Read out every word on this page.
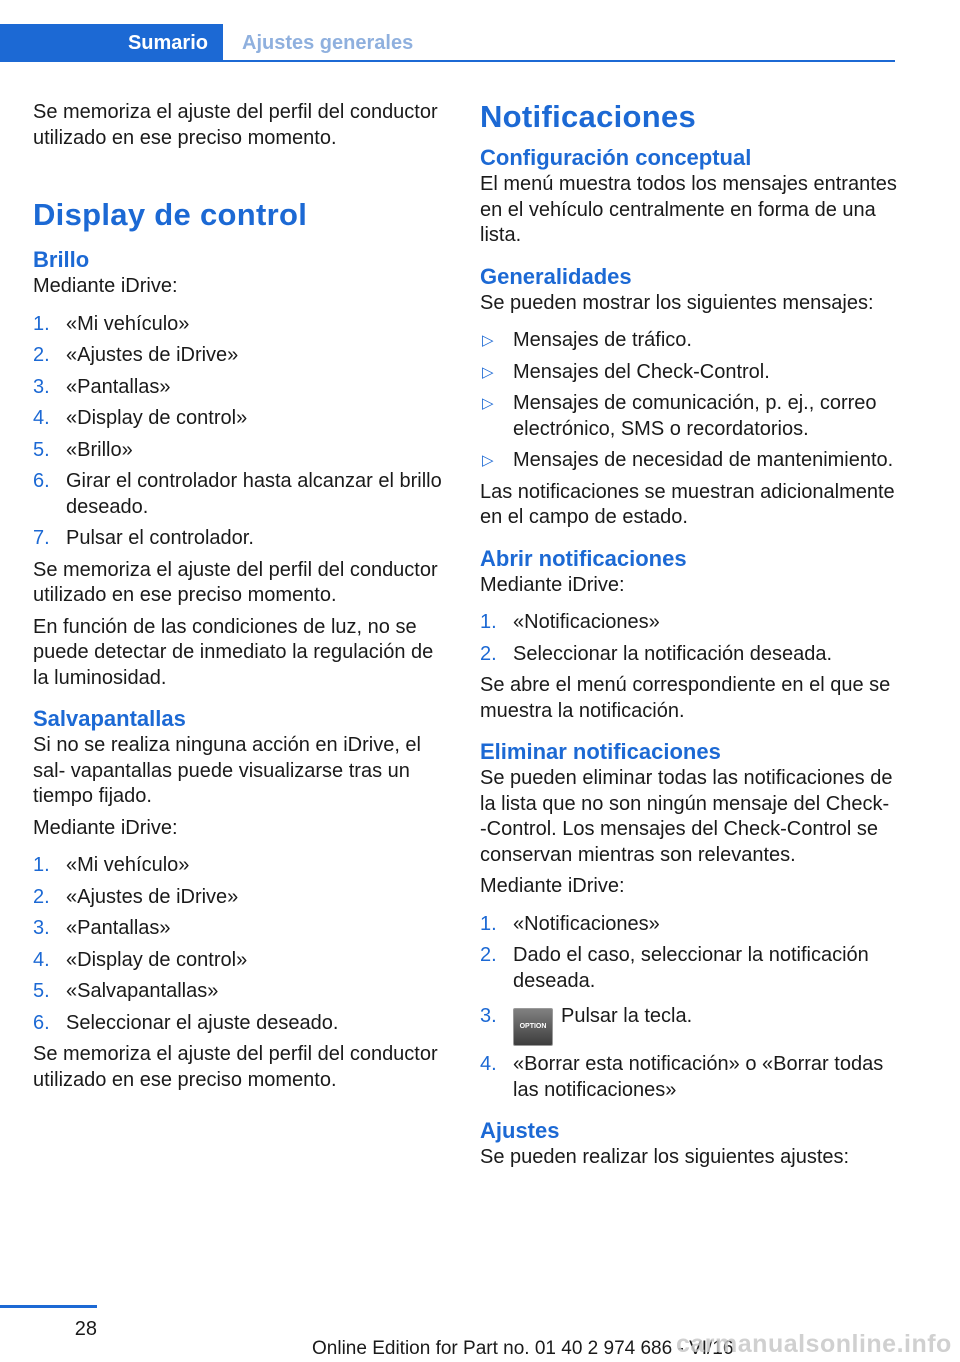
Sumario	Ajustes generales

Se memoriza el ajuste del perfil del conductor utilizado en ese preciso momento.

Display de control
Brillo

Mediante iDrive:

1. «Mi vehículo»
2. «Ajustes de iDrive»
3. «Pantallas»
4. «Display de control»
5. «Brillo»
6. Girar el controlador hasta alcanzar el brillo deseado.
7. Pulsar el controlador.

Se memoriza el ajuste del perfil del conductor utilizado en ese preciso momento.

En función de las condiciones de luz, no se puede detectar de inmediato la regulación de la luminosidad.

Salvapantallas

Si no se realiza ninguna acción en iDrive, el sal- vapantallas puede visualizarse tras un tiempo fijado.

Mediante iDrive:

1. «Mi vehículo»
2. «Ajustes de iDrive»
3. «Pantallas»
4. «Display de control»
5. «Salvapantallas»
6. Seleccionar el ajuste deseado.

Se memoriza el ajuste del perfil del conductor utilizado en ese preciso momento.

Notificaciones
Configuración conceptual

El menú muestra todos los mensajes entrantes en el vehículo centralmente en forma de una lista.

Generalidades

Se pueden mostrar los siguientes mensajes:

▷ Mensajes de tráfico.
▷ Mensajes del Check-Control.
▷ Mensajes de comunicación, p. ej., correo electrónico, SMS o recordatorios.
▷ Mensajes de necesidad de mantenimiento.

Las notificaciones se muestran adicionalmente en el campo de estado.

Abrir notificaciones

Mediante iDrive:

1. «Notificaciones»
2. Seleccionar la notificación deseada.

Se abre el menú correspondiente en el que se muestra la notificación.

Eliminar notificaciones

Se pueden eliminar todas las notificaciones de la lista que no son ningún mensaje del Check- -Control. Los mensajes del Check-Control se conservan mientras son relevantes.

Mediante iDrive:

1. «Notificaciones»
2. Dado el caso, seleccionar la notificación deseada.
3.	OPTION Pulsar la tecla.
4. «Borrar esta notificación» o «Borrar todas las notificaciones»
Ajustes

Se pueden realizar los siguientes ajustes:

28
Online Edition for Part no. 01 40 2 974 686 - VI/16
carmanualsonline.info
